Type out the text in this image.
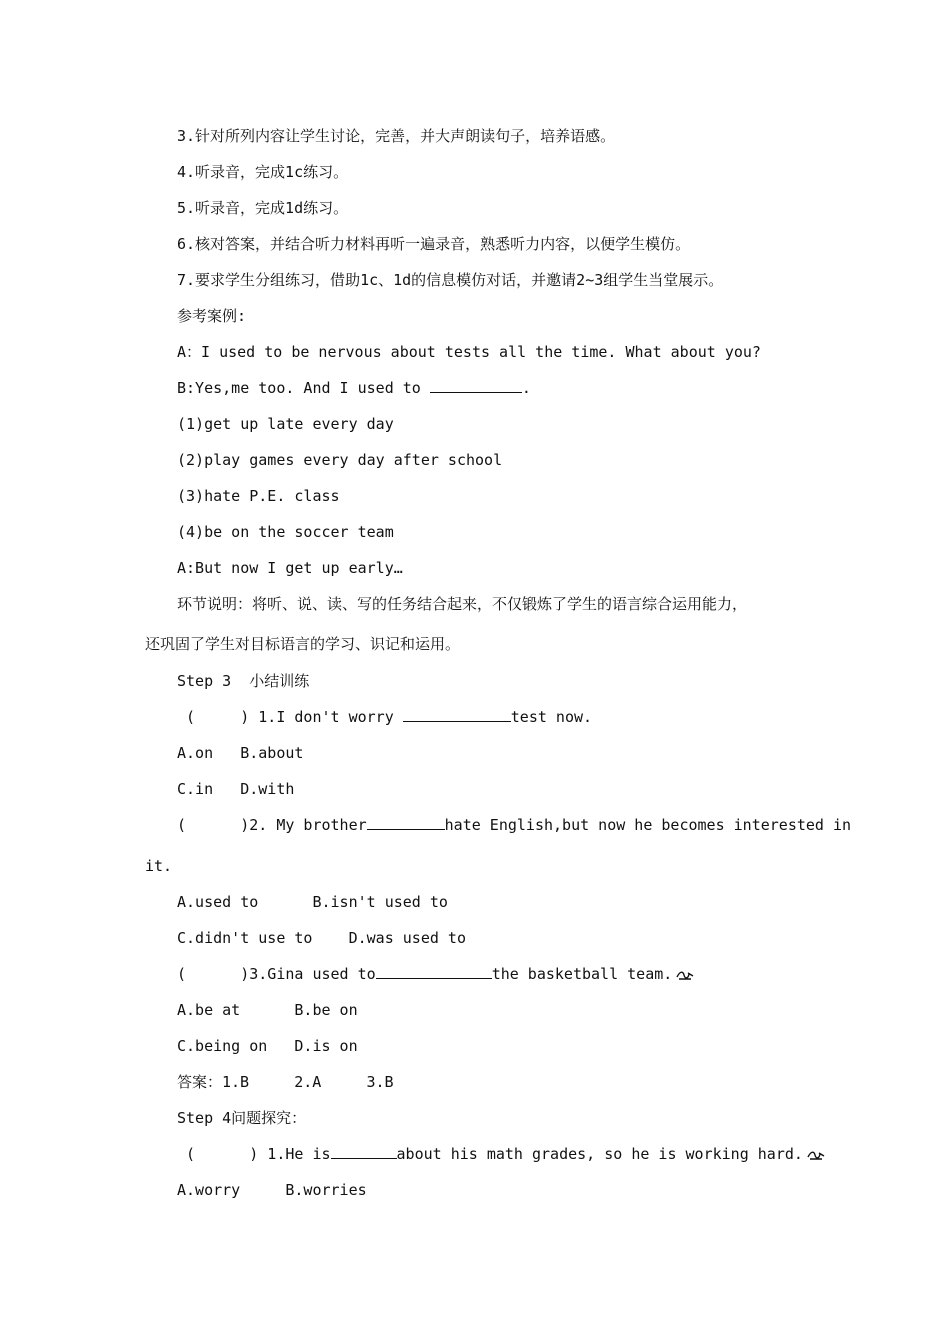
3.针对所列内容让学生讨论，完善，并大声朗读句子，培养语感。
4.听录音，完成1c练习。
5.听录音，完成1d练习。
6.核对答案，并结合听力材料再听一遍录音，熟悉听力内容，以便学生模仿。
7.要求学生分组练习，借助1c、1d的信息模仿对话，并邀请2~3组学生当堂展示。
参考案例:
A：I used to be nervous about tests all the time. What about you?
B:Yes,me too. And I used to	.
(1)get up late every day
(2)play games every day after school
(3)hate P.E. class
(4)be on the soccer team
A:But now I get up early…
环节说明：将听、说、读、写的任务结合起来，不仅锻炼了学生的语言综合运用能力，
还巩固了学生对目标语言的学习、识记和运用。
Step 3  小结训练
(     ) 1.I don't worry	test now.
A.on   B.about
C.in   D.with
(      )2. My brother	hate English,but now he becomes interested in
it.
A.used to      B.isn't used to
C.didn't use to    D.was used to
(      )3.Gina used to	the basketball team.
A.be at      B.be on
C.being on   D.is on
答案：1.B     2.A     3.B
Step 4问题探究：
(      ) 1.He is	about his math grades, so he is working hard.
A.worry     B.worries
